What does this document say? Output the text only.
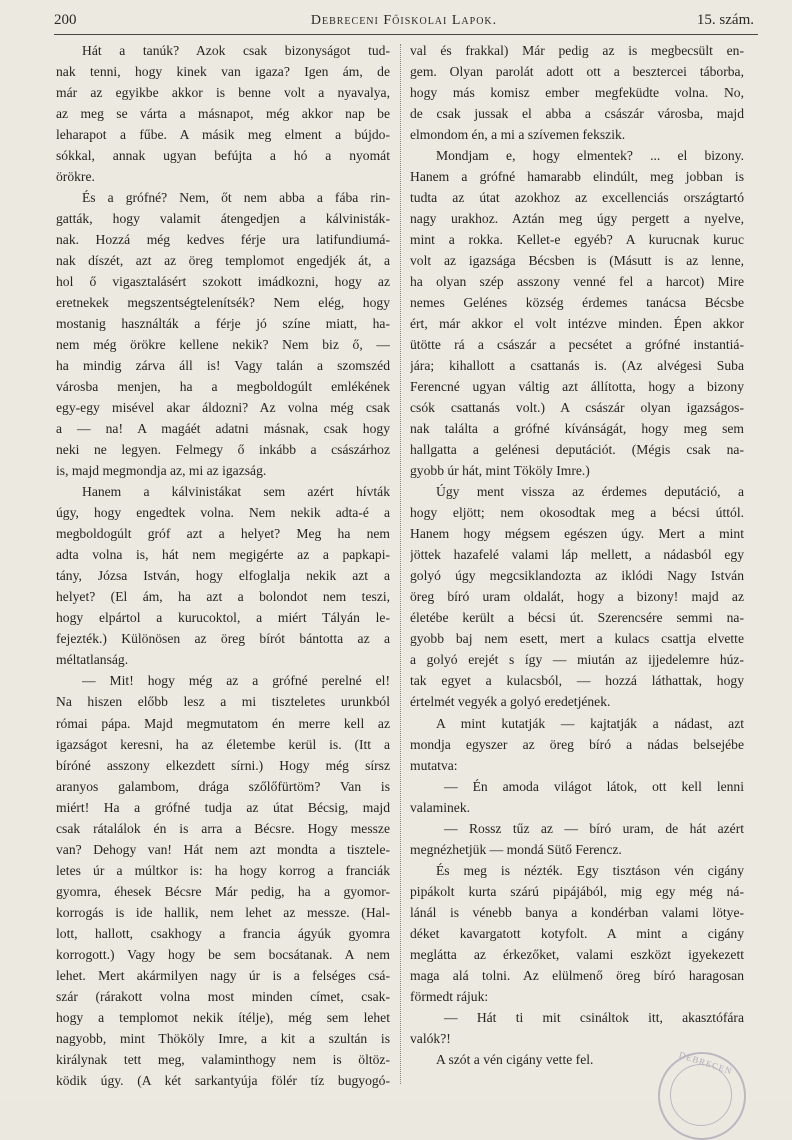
200	Debreceni Főiskolai Lapok.	15. szám.
Hát a tanúk? Azok csak bizonyságot tud-
nak tenni, hogy kinek van igaza? Igen ám, de
már az egyikbe akkor is benne volt a nyavalya,
az meg se várta a másnapot, még akkor nap be
leharapot a fűbe. A másik meg elment a bújdo-
sókkal, annak ugyan befújta a hó a nyomát
örökre.
És a grófné? Nem, őt nem abba a fába rin-
gatták, hogy valamit átengedjen a kálvinisták-
nak. Hozzá még kedves férje ura latifundiumá-
nak díszét, azt az öreg templomot engedjék át, a
hol ő vigasztalásért szokott imádkozni, hogy az
eretnekek megszentségtelenítsék? Nem elég, hogy
mostanig használták a férje jó színe miatt, ha-
nem még örökre kellene nekik? Nem biz ő, —
ha mindig zárva áll is! Vagy talán a szomszéd
városba menjen, ha a megboldogúlt emlékének
egy-egy misével akar áldozni? Az volna még csak
a — na! A magáét adatni másnak, csak hogy
neki ne legyen. Felmegy ő inkább a császárhoz
is, majd megmondja az, mi az igazság.
Hanem a kálvinistákat sem azért hívták
úgy, hogy engedtek volna. Nem nekik adta-é a
megboldogúlt gróf azt a helyet? Meg ha nem
adta volna is, hát nem megigérte az a papkapi-
tány, Józsa István, hogy elfoglalja nekik azt a
helyet? (El ám, ha azt a bolondot nem teszi,
hogy elpártol a kurucoktol, a miért Tályán le-
fejezték.) Különösen az öreg bírót bántotta az a
méltatlanság.
— Mit! hogy még az a grófné perelné el!
Na hiszen előbb lesz a mi tiszteletes urunkból
római pápa. Majd megmutatom én merre kell az
igazságot keresni, ha az életembe kerül is. (Itt a
bíróné asszony elkezdett sírni.) Hogy még sírsz
aranyos galambom, drága szőlőfürtöm? Van is
miért! Ha a grófné tudja az útat Bécsig, majd
csak rátalálok én is arra a Bécsre. Hogy messze
van? Dehogy van! Hát nem azt mondta a tisztele-
letes úr a múltkor is: ha hogy korrog a franciák
gyomra, éhesek Bécsre Már pedig, ha a gyomor-
korrogás is ide hallik, nem lehet az messze. (Hal-
lott, hallott, csakhogy a francia ágyúk gyomra
korrogott.) Vagy hogy be sem bocsátanak. A nem
lehet. Mert akármilyen nagy úr is a felséges csá-
szár (rárakott volna most minden címet, csak-
hogy a templomot nekik ítélje), még sem lehet
nagyobb, mint Thököly Imre, a kit a szultán is
királynak tett meg, valaminthogy nem is öltöz-
ködik úgy. (A két sarkantyúja fölér tíz bugyogó-
val és frakkal) Már pedig az is megbecsült en-
gem. Olyan parolát adott ott a besztercei táborba,
hogy más komisz ember megfeküdte volna. No,
de csak jussak el abba a császár városba, majd
elmondom én, a mi a szívemen fekszik.
Mondjam e, hogy elmentek? ... el bizony.
Hanem a grófné hamarabb elindúlt, meg jobban is
tudta az útat azokhoz az excellenciás országtartó
nagy urakhoz. Aztán meg úgy pergett a nyelve,
mint a rokka. Kellet-e egyéb? A kurucnak kuruc
volt az igazsága Bécsben is (Másutt is az lenne,
ha olyan szép asszony venné fel a harcot) Mire
nemes Gelénes község érdemes tanácsa Bécsbe
ért, már akkor el volt intézve minden. Épen akkor
ütötte rá a császár a pecsétet a grófné instantiá-
jára; kihallott a csattanás is. (Az alvégesi Suba
Ferencné ugyan váltig azt állította, hogy a bizony
csók csattanás volt.) A császár olyan igazságos-
nak találta a grófné kívánságát, hogy meg sem
hallgatta a gelénesi deputációt. (Mégis csak na-
gyobb úr hát, mint Tököly Imre.)
Úgy ment vissza az érdemes deputáció, a
hogy eljött; nem okosodtak meg a bécsi úttól.
Hanem hogy mégsem egészen úgy. Mert a mint
jöttek hazafelé valami láp mellett, a nádasból egy
golyó úgy megcsiklandozta az iklódi Nagy István
öreg bíró uram oldalát, hogy a bizony! majd az
életébe került a bécsi út. Szerencsére semmi na-
gyobb baj nem esett, mert a kulacs csattja elvette
a golyó erejét s így — miután az ijjedelemre húz-
tak egyet a kulacsból, — hozzá láthattak, hogy
értelmét vegyék a golyó eredetjének.
A mint kutatják — kajtatják a nádast, azt
mondja egyszer az öreg bíró a nádas belsejébe
mutatva:
— Én amoda világot látok, ott kell lenni
valaminek.
— Rossz tűz az — bíró uram, de hát azért
megnézhetjük — mondá Sütő Ferencz.
És meg is nézték. Egy tisztáson vén cigány
pipákolt kurta szárú pipájából, mig egy még ná-
lánál is vénebb banya a kondérban valami lötye-
déket kavargatott kotyfolt. A mint a cigány
meglátta az érkezőket, valami eszközt igyekezett
maga alá tolni. Az elülmenő öreg bíró haragosan
förmedt rájuk:
— Hát ti mit csináltok itt, akasztófára
valók?!
A szót a vén cigány vette fel.	DEBRECEN
